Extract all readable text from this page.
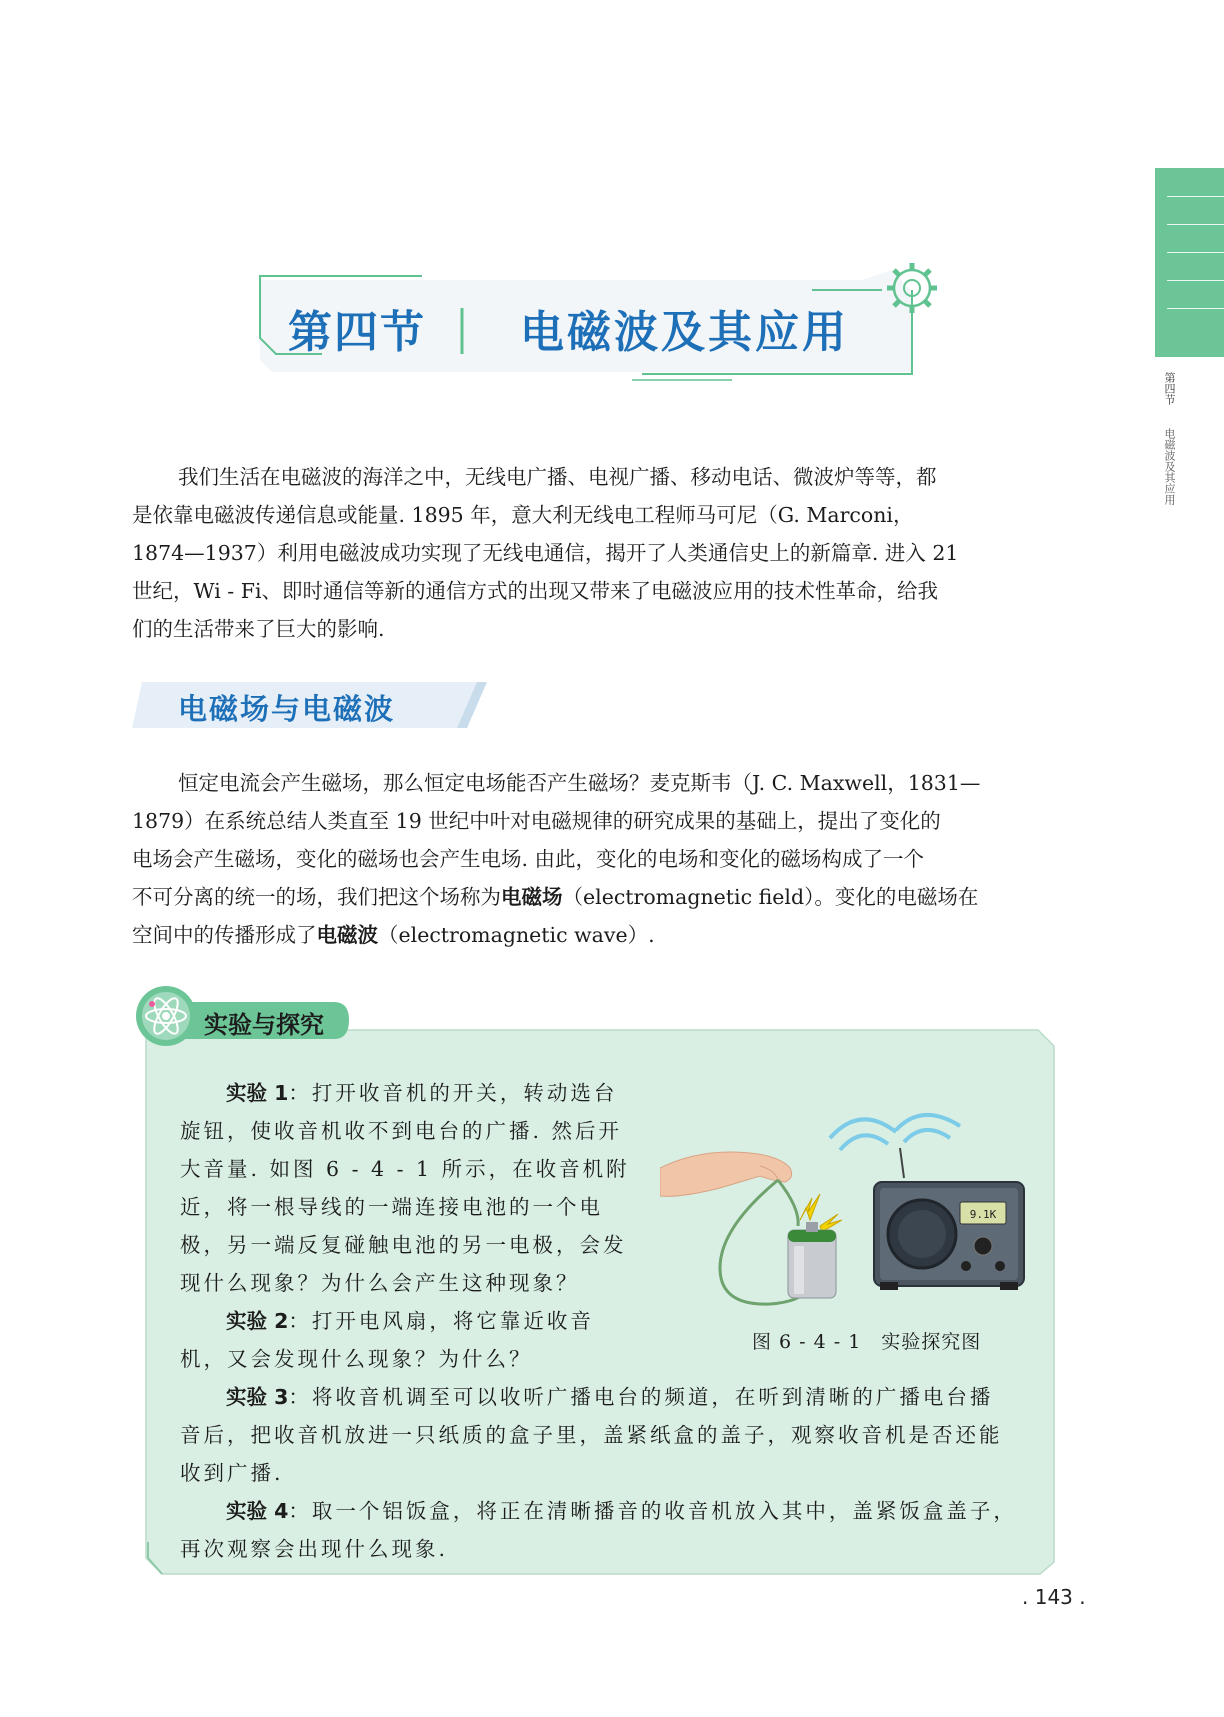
第四节
电磁波及其应用
第四节 电磁波及其应用
我们生活在电磁波的海洋之中，无线电广播、电视广播、移动电话、微波炉等等，都
是依靠电磁波传递信息或能量. 1895 年，意大利无线电工程师马可尼（G. Marconi，
1874—1937）利用电磁波成功实现了无线电通信，揭开了人类通信史上的新篇章. 进入 21
世纪，Wi - Fi、即时通信等新的通信方式的出现又带来了电磁波应用的技术性革命，给我
们的生活带来了巨大的影响.
电磁场与电磁波
恒定电流会产生磁场，那么恒定电场能否产生磁场？麦克斯韦（J. C. Maxwell，1831—
1879）在系统总结人类直至 19 世纪中叶对电磁规律的研究成果的基础上，提出了变化的
电场会产生磁场，变化的磁场也会产生电场. 由此，变化的电场和变化的磁场构成了一个
不可分离的统一的场，我们把这个场称为电磁场（electromagnetic field）。变化的电磁场在
空间中的传播形成了电磁波（electromagnetic wave）.
实验与探究
实验 1：打开收音机的开关，转动选台
旋钮，使收音机收不到电台的广播. 然后开
大音量. 如图 6 - 4 - 1 所示，在收音机附
近，将一根导线的一端连接电池的一个电
极，另一端反复碰触电池的另一电极，会发
现什么现象？为什么会产生这种现象？
实验 2：打开电风扇，将它靠近收音
机，又会发现什么现象？为什么？
实验 3：将收音机调至可以收听广播电台的频道，在听到清晰的广播电台播
音后，把收音机放进一只纸质的盒子里，盖紧纸盒的盖子，观察收音机是否还能
收到广播.
实验 4：取一个铝饭盒，将正在清晰播音的收音机放入其中，盖紧饭盒盖子，
再次观察会出现什么现象.
9.1K
图 6 - 4 - 1　实验探究图
. 143 .
